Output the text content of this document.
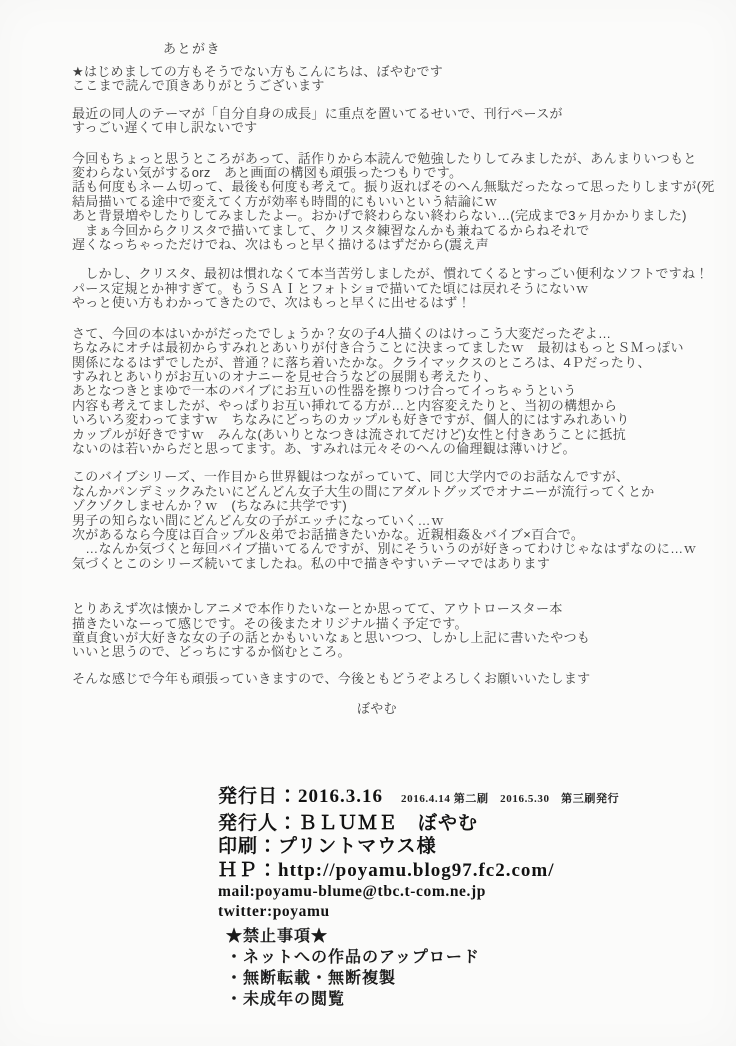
あとがき
★はじめましての方もそうでない方もこんにちは、ぼやむです
ここまで読んで頂きありがとうございます
最近の同人のテーマが「自分自身の成長」に重点を置いてるせいで、刊行ペースが
すっごい遅くて申し訳ないです
今回もちょっと思うところがあって、話作りから本読んで勉強したりしてみましたが、あんまりいつもと
変わらない気がするorz　あと画面の構図も頑張ったつもりです。
話も何度もネーム切って、最後も何度も考えて。振り返ればそのへん無駄だったなって思ったりしますが(死
結局描いてる途中で変えてく方が効率も時間的にもいいという結論にｗ
あと背景増やしたりしてみましたよー。おかげで終わらない終わらない…(完成まで3ヶ月かかりました)
　まぁ今回からクリスタで描いてまして、クリスタ練習なんかも兼ねてるからねそれで
遅くなっちゃっただけでね、次はもっと早く描けるはずだから(震え声
　しかし、クリスタ、最初は慣れなくて本当苦労しましたが、慣れてくるとすっごい便利なソフトですね！
パース定規とか神すぎて。もうＳＡＩとフォトショで描いてた頃には戻れそうにないｗ
やっと使い方もわかってきたので、次はもっと早くに出せるはず！
さて、今回の本はいかがだったでしょうか？女の子4人描くのはけっこう大変だったぞよ…
ちなみにオチは最初からすみれとあいりが付き合うことに決まってましたｗ　最初はもっとＳＭっぽい
関係になるはずでしたが、普通？に落ち着いたかな。クライマックスのところは、4Ｐだったり、
すみれとあいりがお互いのオナニーを見せ合うなどの展開も考えたり、
あとなつきとまゆで一本のバイブにお互いの性器を擦りつけ合ってイっちゃうという
内容も考えてましたが、やっぱりお互い挿れてる方が…と内容変えたりと、当初の構想から
いろいろ変わってますｗ　ちなみにどっちのカップルも好きですが、個人的にはすみれあいり
カップルが好きですｗ　みんな(あいりとなつきは流されてだけど)女性と付きあうことに抵抗
ないのは若いからだと思ってます。あ、すみれは元々そのへんの倫理観は薄いけど。
このバイブシリーズ、一作目から世界観はつながっていて、同じ大学内でのお話なんですが、
なんかパンデミックみたいにどんどん女子大生の間にアダルトグッズでオナニーが流行ってくとか
ゾクゾクしませんか？ｗ　(ちなみに共学です)
男子の知らない間にどんどん女の子がエッチになっていく…ｗ
次があるなら今度は百合ップル＆弟でお話描きたいかな。近親相姦＆バイブ×百合で。
　…なんか気づくと毎回バイブ描いてるんですが、別にそういうのが好きってわけじゃなはずなのに…ｗ
気づくとこのシリーズ続いてましたね。私の中で描きやすいテーマではあります
とりあえず次は懐かしアニメで本作りたいなーとか思ってて、アウトロースター本
描きたいなーって感じです。その後またオリジナル描く予定です。
童貞食いが大好きな女の子の話とかもいいなぁと思いつつ、しかし上記に書いたやつも
いいと思うので、どっちにするか悩むところ。
そんな感じで今年も頑張っていきますので、今後ともどうぞよろしくお願いいたします
ぼやむ
発行日：2016.3.16 2016.4.14 第二刷　2016.5.30　第三刷発行
発行人：ＢＬＵＭＥ　ぼやむ
印刷：プリントマウス様
ＨＰ：http://poyamu.blog97.fc2.com/
mail:poyamu-blume@tbc.t-com.ne.jp
twitter:poyamu
★禁止事項★
・ネットへの作品のアップロード
・無断転載・無断複製
・未成年の閲覧
